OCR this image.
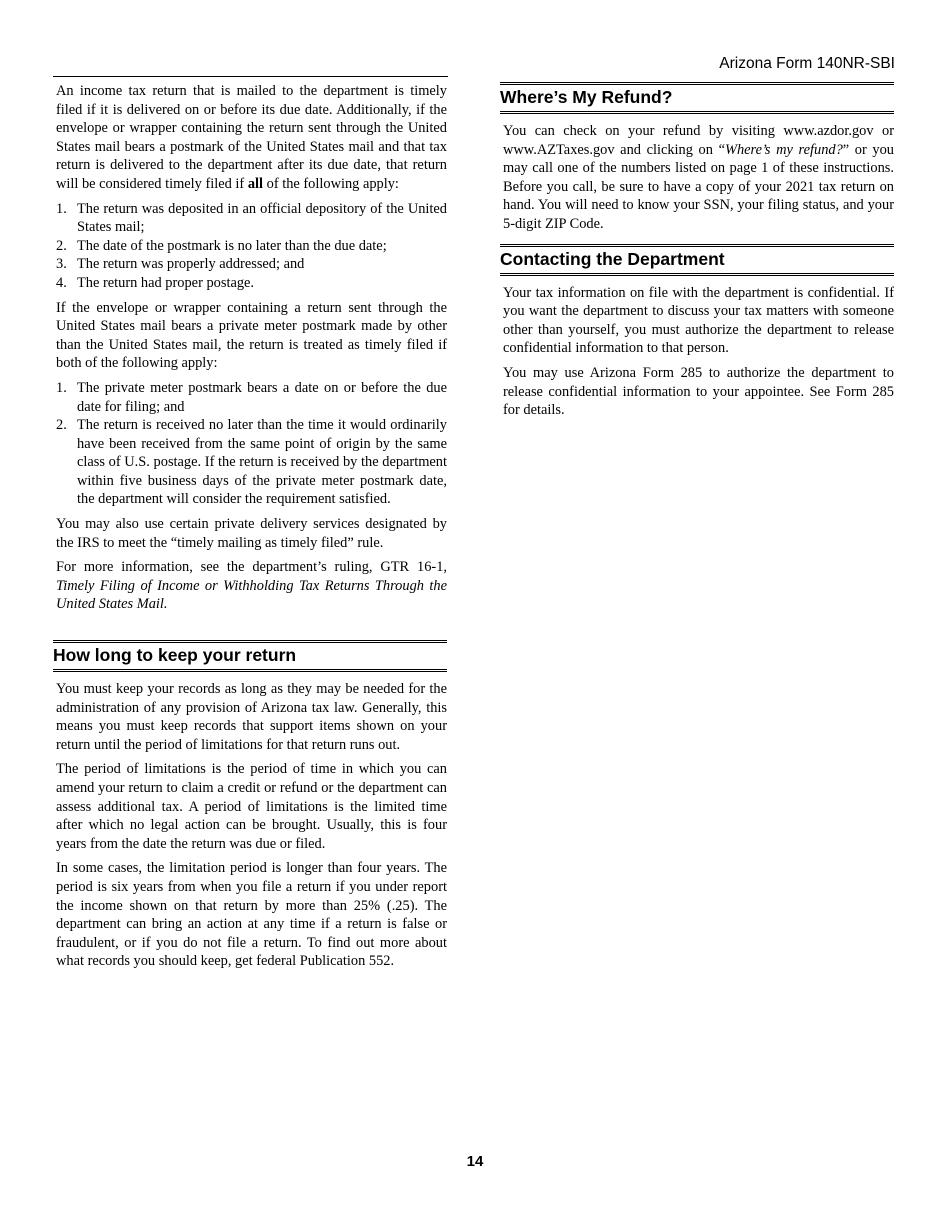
Arizona Form 140NR-SBI

An income tax return that is mailed to the department is timely filed if it is delivered on or before its due date. Additionally, if the envelope or wrapper containing the return sent through the United States mail bears a postmark of the United States mail and that tax return is delivered to the department after its due date, that return will be considered timely filed if all of the following apply:

1. The return was deposited in an official depository of the United States mail;
2. The date of the postmark is no later than the due date;
3. The return was properly addressed; and
4. The return had proper postage.

If the envelope or wrapper containing a return sent through the United States mail bears a private meter postmark made by other than the United States mail, the return is treated as timely filed if both of the following apply:

1. The private meter postmark bears a date on or before the due date for filing; and
2. The return is received no later than the time it would ordinarily have been received from the same point of origin by the same class of U.S. postage. If the return is received by the department within five business days of the private meter postmark date, the department will consider the requirement satisfied.

You may also use certain private delivery services designated by the IRS to meet the “timely mailing as timely filed” rule.

For more information, see the department’s ruling, GTR 16-1, Timely Filing of Income or Withholding Tax Returns Through the United States Mail.

How long to keep your return

You must keep your records as long as they may be needed for the administration of any provision of Arizona tax law. Generally, this means you must keep records that support items shown on your return until the period of limitations for that return runs out.

The period of limitations is the period of time in which you can amend your return to claim a credit or refund or the department can assess additional tax. A period of limitations is the limited time after which no legal action can be brought. Usually, this is four years from the date the return was due or filed.

In some cases, the limitation period is longer than four years. The period is six years from when you file a return if you under report the income shown on that return by more than 25% (.25). The department can bring an action at any time if a return is false or fraudulent, or if you do not file a return. To find out more about what records you should keep, get federal Publication 552.

Where’s My Refund?

You can check on your refund by visiting www.azdor.gov or www.AZTaxes.gov and clicking on “Where’s my refund?” or you may call one of the numbers listed on page 1 of these instructions. Before you call, be sure to have a copy of your 2021 tax return on hand. You will need to know your SSN, your filing status, and your 5-digit ZIP Code.

Contacting the Department

Your tax information on file with the department is confidential. If you want the department to discuss your tax matters with someone other than yourself, you must authorize the department to release confidential information to that person.

You may use Arizona Form 285 to authorize the department to release confidential information to your appointee. See Form 285 for details.

14
